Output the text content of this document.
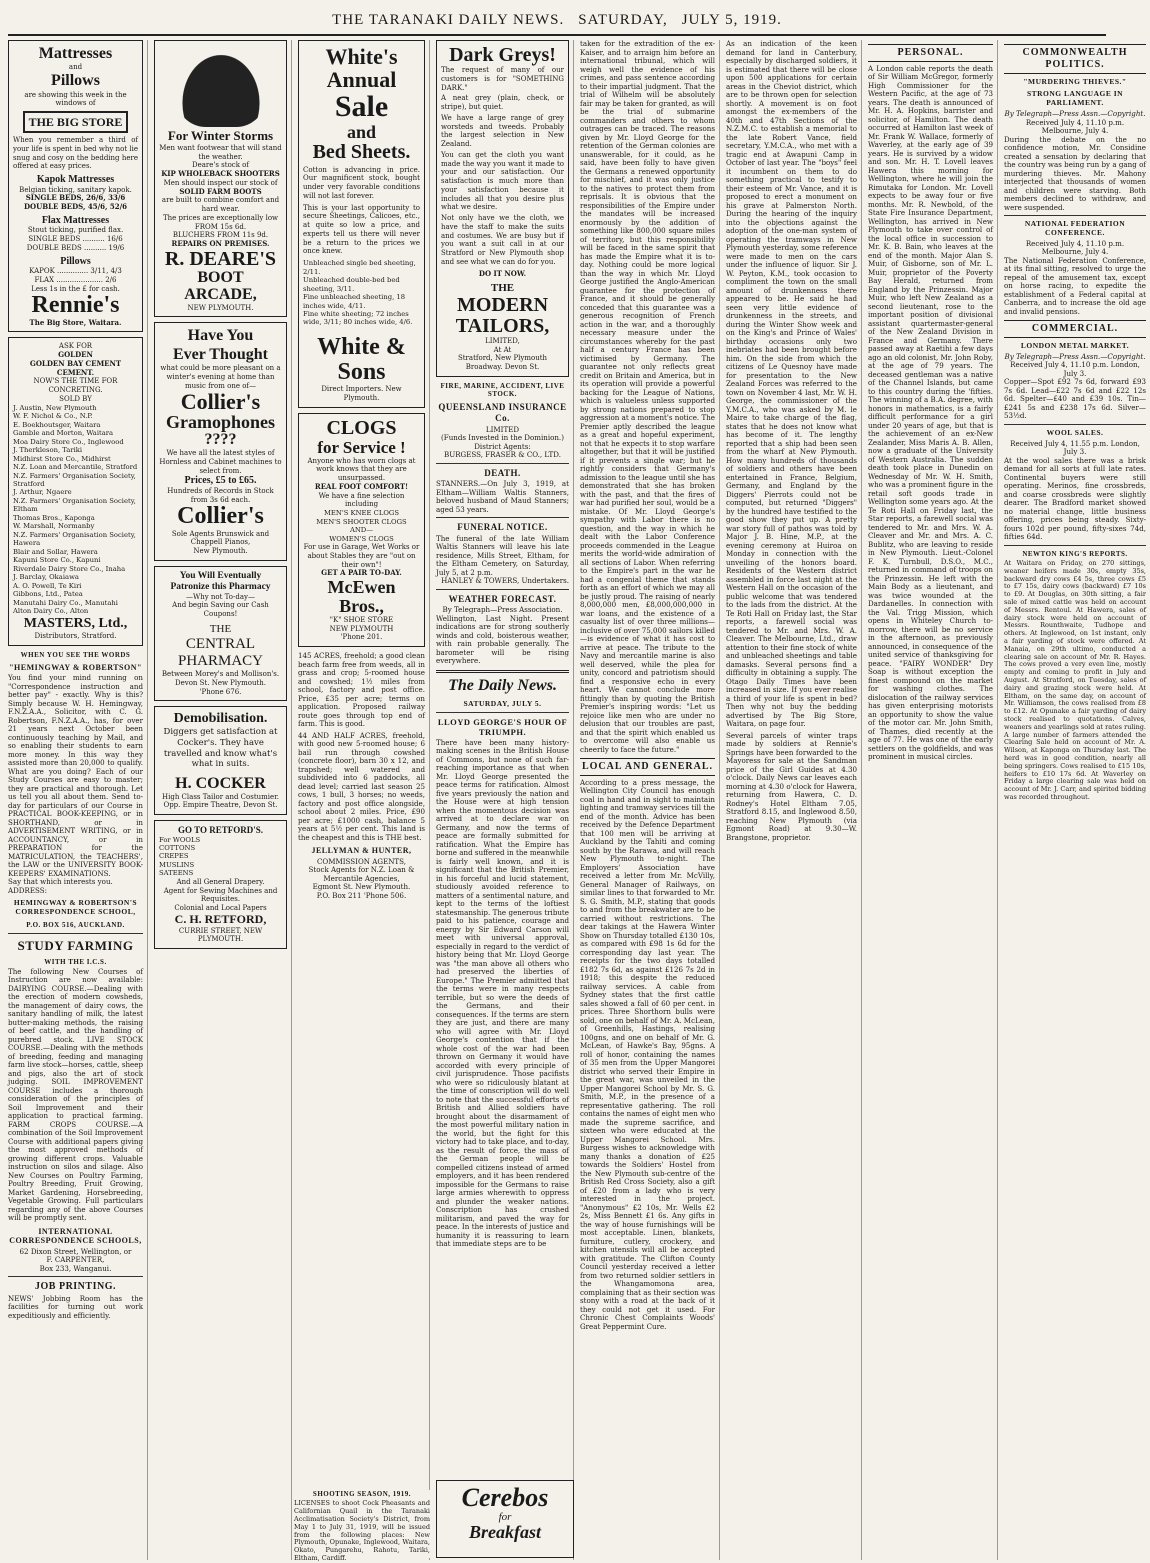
THE TARANAKI DAILY NEWS. SATURDAY, JULY 5, 1919.
Mattresses
and
Pillows
are showing this week in the windows of
THE BIG STORE
When you remember a third of your life is spent in bed why not lie snug and cosy on the bedding here offered at easy prices.
Kapok Mattresses
Belgian ticking, sanitary kapok.
SINGLE BEDS, 26/6, 33/6 DOUBLE BEDS, 45/6, 52/6
Flax Mattresses
Stout ticking, purified flax.
SINGLE BEDS .......... 16/6
DOUBLE BEDS .......... 19/6
Pillows
KAPOK .............. 3/11, 4/3
FLAX ..................... 2/6
Less 1s in the £ for cash.
Rennie's
The Big Store, Waitara.
ASK FOR
GOLDEN
GOLDEN BAY CEMENT
CEMENT.
NOW'S THE TIME FOR CONCRETING.
SOLD BY
J. Austin, New Plymouth
W. F. Nichol & Co., N.P.
E. Boekhoutsger, Waitara
Gamble and Morton, Waitara
Moa Dairy Store Co., Inglewood
J. Therkleson, Tariki
Midhirst Store Co., Midhirst
N.Z. Loan and Mercantile, Stratford
N.Z. Farmers' Organisation Society, Stratford
J. Arthur, Ngaere
N.Z. Farmers' Organisation Society, Eltham
Thomas Bros., Kaponga
W. Marshall, Normanby
N.Z. Farmers' Organisation Society, Hawera
Blair and Sollar, Hawera
Kapuni Store Co., Kapuni
Riverdale Dairy Store Co., Inaha
J. Barclay, Okaiawa
A. O. Powell, Te Kiri
Gibbons, Ltd., Patea
Manutahi Dairy Co., Manutahi
Alton Dairy Co., Alton
MASTERS, Ltd.,
Distributors, Stratford.
WHEN YOU SEE THE WORDS
"HEMINGWAY & ROBERTSON"
You find your mind running on "Correspondence instruction and better pay" - exactly. Why is this? Simply because W. H. Hemingway, F.N.Z.A.A., Solicitor, with C. G. Robertson, F.N.Z.A.A., has, for over 21 years next October been continuously teaching by Mail, and so enabling their students to earn more money. In this way they assisted more than 20,000 to qualify. What are you doing? Each of our Study Courses are easy to master; they are practical and thorough. Let us tell you all about them. Send to-day for particulars of our Course in PRACTICAL BOOK-KEEPING, or in SHORTHAND, or in ADVERTISEMENT WRITING, or in ACCOUNTANCY, or in PREPARATION for the MATRICULATION, the TEACHERS', the LAW or the UNIVERSITY BOOK-KEEPERS' EXAMINATIONS.
Say that which interests you.
ADDRESS:
HEMINGWAY & ROBERTSON'S CORRESPONDENCE SCHOOL,
P.O. BOX 516, AUCKLAND.
STUDY FARMING
WITH THE I.C.S.
The following New Courses of Instruction are now available: DAIRYING COURSE.—Dealing with the erection of modern cowsheds, the management of dairy cows, the sanitary handling of milk, the latest butter-making methods, the raising of beef cattle, and the handling of purebred stock. LIVE STOCK COURSE.—Dealing with the methods of breeding, feeding and managing farm live stock—horses, cattle, sheep and pigs, also the art of stock judging. SOIL IMPROVEMENT COURSE includes a thorough consideration of the principles of Soil Improvement and their application to practical farming. FARM CROPS COURSE.—A combination of the Soil Improvement Course with additional papers giving the most approved methods of growing different crops. Valuable instruction on silos and silage. Also New Courses on Poultry Farming, Poultry Breeding, Fruit Growing, Market Gardening, Horsebreeding, Vegetable Growing. Full particulars regarding any of the above Courses will be promptly sent.
INTERNATIONAL CORRESPONDENCE SCHOOLS,
62 Dixon Street, Wellington, or
F. CARPENTER,
Box 233, Wanganui.
JOB PRINTING.
NEWS' Jobbing Room has the facilities for turning out work expeditiously and efficiently.
For Winter Storms
Men want footwear that will stand the weather.
Deare's stock of
KIP WHOLEBACK SHOOTERS
Men should inspect our stock of
SOLID FARM BOOTS
are built to combine comfort and hard wear.
The prices are exceptionally low
FROM 15s 6d.
BLUCHERS FROM 11s 9d.
REPAIRS ON PREMISES.
R. DEARE'S
BOOT
ARCADE,
NEW PLYMOUTH.
Have You
Ever Thought
what could be more pleasant on a winter's evening at home than music from one of—
Collier's
Gramophones
????
We have all the latest styles of Hornless and Cabinet machines to select from.
Prices, £5 to £65.
Hundreds of Records in Stock from 3s 6d each.
Collier's
Sole Agents Brunswick and Chappell Pianos,
New Plymouth.
You Will Eventually
Patronize this Pharmacy
—Why not To-day—
And begin Saving our Cash Coupons!
THE
CENTRAL
PHARMACY
Between Morey's and Mollison's.
Devon St. New Plymouth.
'Phone 676.
Demobilisation.
Diggers get satisfaction at Cocker's. They have travelled and know what's what in suits.
H. COCKER
High Class Tailor and Costumier.
Opp. Empire Theatre, Devon St.
GO TO RETFORD'S.
For WOOLS
COTTONS
CREPES
MUSLINS
SATEENS
And all General Drapery.
Agent for Sewing Machines and Requisites.
Colonial and Local Papers
C. H. RETFORD,
CURRIE STREET, NEW PLYMOUTH.
White's
Annual
Sale
and
Bed Sheets.
Cotton is advancing in price. Our magnificent stock, bought under very favorable conditions will not last forever.
This is your last opportunity to secure Sheetings, Calicoes, etc., at quite so low a price, and experts tell us there will never be a return to the prices we once knew.
Unbleached single bed sheeting, 2/11.
Unbleached double-bed bed sheeting, 3/11.
Fine unbleached sheeting, 18 inches wide, 4/11.
Fine white sheeting; 72 inches wide, 3/11; 80 inches wide, 4/6.
White & Sons
Direct Importers. New Plymouth.
CLOGS
for Service !
Anyone who has worn clogs at work knows that they are unsurpassed.
REAL FOOT COMFORT!
We have a fine selection including
MEN'S KNEE CLOGS
MEN'S SHOOTER CLOGS
AND—
WOMEN'S CLOGS
For use in Garage, Wet Works or about Stables they are "out on their own"!
GET A PAIR TO-DAY.
McEwen Bros.,
"K" SHOE STORE
NEW PLYMOUTH
'Phone 201.
145 ACRES, freehold; a good clean beach farm free from weeds, all in grass and crop; 5-roomed house and cowshed; 1½ miles from school, factory and post office. Price, £35 per acre; terms on application. Proposed railway route goes through top end of farm. This is good.
44 AND HALF ACRES, freehold, with good new 5-roomed house; 6 bail run through cowshed (concrete floor), barn 30 x 12, and trapshed; well watered and subdivided into 6 paddocks, all dead level; carried last season 25 cows, 1 bull, 3 horses; no weeds, factory and post office alongside, school about 2 miles. Price, £90 per acre; £1000 cash, balance 5 years at 5½ per cent. This land is the cheapest and this is THE best.
JELLYMAN & HUNTER,
COMMISSION AGENTS,
Stock Agents for N.Z. Loan & Mercantile Agencies,
Egmont St. New Plymouth.
P.O. Box 211 'Phone 506.
Dark Greys!
The request of many of our customers is for "SOMETHING DARK."
A neat grey (plain, check, or stripe), but quiet.
We have a large range of grey worsteds and tweeds. Probably the largest selection in New Zealand.
You can get the cloth you want made the way you want it made to your and our satisfaction. Our satisfaction is much more than your satisfaction because it includes all that you desire plus what we desire.
Not only have we the cloth, we have the staff to make the suits and costumes. We are busy but if you want a suit call in at our Stratford or New Plymouth shop and see what we can do for you.
DO IT NOW.
THE
MODERN
TAILORS,
LIMITED,
At At
Stratford, New Plymouth
Broadway. Devon St.
FIRE, MARINE, ACCIDENT, LIVE STOCK.
QUEENSLAND INSURANCE Co.
LIMITED
(Funds Invested in the Dominion.)
District Agents:
BURGESS, FRASER & CO., LTD.
DEATH.
STANNERS.—On July 3, 1919, at Eltham—William Waltis Stanners, beloved husband of Maud Stanners; aged 53 years.
FUNERAL NOTICE.
The funeral of the late William Waltis Stanners will leave his late residence, Mills Street, Eltham, for the Eltham Cemetery, on Saturday, July 5, at 2 p.m.
HANLEY & TOWERS, Undertakers.
WEATHER FORECAST.
By Telegraph—Press Association.
Wellington, Last Night. Present indications are for strong southerly winds and cold, boisterous weather, with rain probable generally. The barometer will be rising everywhere.
The Daily News.
SATURDAY, JULY 5.
LLOYD GEORGE'S HOUR OF TRIUMPH.
There have been many history-making scenes in the British House of Commons, but none of such far-reaching importance as that when Mr. Lloyd George presented the peace terms for ratification. Almost five years previously the nation and the House were at high tension when the momentous decision was arrived at to declare war on Germany, and now the terms of peace are formally submitted for ratification. What the Empire has borne and suffered in the meanwhile is fairly well known, and it is significant that the British Premier, in his forceful and lucid statement, studiously avoided reference to matters of a sentimental nature, and kept to the terms of the loftiest statesmanship. The generous tribute paid to his patience, courage and energy by Sir Edward Carson will meet with universal approval, especially in regard to the verdict of history being that Mr. Lloyd George was "the man above all others who had preserved the liberties of Europe." The Premier admitted that the terms were in many respects terrible, but so were the deeds of the Germans, and their consequences. If the terms are stern they are just, and there are many who will agree with Mr. Lloyd George's contention that if the whole cost of the war had been thrown on Germany it would have accorded with every principle of civil jurisprudence. Those pacifists who were so ridiculously blatant at the time of conscription will do well to note that the successful efforts of British and Allied soldiers have brought about the disarmament of the most powerful military nation in the world, but the fight for this victory had to take place, and to-day, as the result of force, the mass of the German people will be compelled citizens instead of armed employers, and it has been rendered impossible for the Germans to raise large armies wherewith to oppress and plunder the weaker nations. Conscription has crushed militarism, and paved the way for peace. In the interests of justice and humanity it is reassuring to learn that immediate steps are to be
taken for the extradition of the ex-Kaiser, and to arraign him before an international tribunal, which will weigh well the evidence of his crimes, and pass sentence according to their impartial judgment. That the trial of Wilhelm will be absolutely fair may be taken for granted, as will be the trial of submarine commanders and others to whom outrages can be traced. The reasons given by Mr. Lloyd George for the retention of the German colonies are unanswerable, for it could, as he said, have been folly to have given the Germans a renewed opportunity for mischief, and it was only justice to the natives to protect them from reprisals. It is obvious that the responsibilities of the Empire under the mandates will be increased enormously by the addition of something like 800,000 square miles of territory, but this responsibility will be faced in the same spirit that has made the Empire what it is to-day. Nothing could be more logical than the way in which Mr. Lloyd George justified the Anglo-American guarantee for the protection of France, and it should be generally conceded that this guarantee was a generous recognition of French action in the war, and a thoroughly necessary measure under the circumstances whereby for the past half a century France has been victimised by Germany. The guarantee not only reflects great credit on Britain and America, but in its operation will provide a powerful backing for the League of Nations, which is valueless unless supported by strong nations prepared to stop aggression at a moment's notice. The Premier aptly described the league as a great and hopeful experiment, not that he expects it to stop warfare altogether, but that it will be justified if it prevents a single war; but he rightly considers that Germany's admission to the league until she has demonstrated that she has broken with the past, and that the fires of war had purified her soul, would be a mistake. Of Mr. Lloyd George's sympathy with Labor there is no question, and the way in which he dealt with the Labor Conference proceeds commended in the League merits the world-wide admiration of all sections of Labor. When referring to the Empire's part in the war he had a congenial theme that stands forth as an effort of which we may all be justly proud. The raising of nearly 8,000,000 men, £8,000,000,000 in war loans, and the existence of a casualty list of over three millions—inclusive of over 75,000 sailors killed—is evidence of what it has cost to arrive at peace. The tribute to the Navy and mercantile marine is also well deserved, while the plea for unity, concord and patriotism should find a responsive echo in every heart. We cannot conclude more fittingly than by quoting the British Premier's inspiring words: "Let us rejoice like men who are under no delusion that our troubles are past, and that the spirit which enabled us to overcome will also enable us cheerily to face the future."
LOCAL AND GENERAL.
According to a press message, the Wellington City Council has enough coal in hand and in sight to maintain lighting and tramway services till the end of the month. Advice has been received by the Defence Department that 100 men will be arriving at Auckland by the Tahiti and coming south by the Rarawa, and will reach New Plymouth to-night. The Employers' Association have received a letter from Mr. McVilly, General Manager of Railways, on similar lines to that forwarded to Mr. S. G. Smith, M.P., stating that goods to and from the breakwater are to be carried without restrictions. The dear takings at the Hawera Winter Show on Thursday totalled £130 10s, as compared with £98 1s 6d for the corresponding day last year. The receipts for the two days totalled £182 7s 6d, as against £126 7s 2d in 1918; this despite the reduced railway services. A cable from Sydney states that the first cattle sales showed a fall of 60 per cent. in prices. Three Shorthorn bulls were sold, one on behalf of Mr. A. McLean, of Greenhills, Hastings, realising 100gns, and one on behalf of Mr. G. McLean, of Hawke's Bay, 95gns. A roll of honor, containing the names of 35 men from the Upper Mangorei district who served their Empire in the great war, was unveiled in the Upper Mangorei School by Mr. S. G. Smith, M.P., in the presence of a representative gathering. The roll contains the names of eight men who made the supreme sacrifice, and sixteen who were educated at the Upper Mangorei School. Mrs. Burgess wishes to acknowledge with many thanks a donation of £25 towards the Soldiers' Hostel from the New Plymouth sub-centre of the British Red Cross Society, also a gift of £20 from a lady who is very interested in the project. "Anonymous" £2 10s, Mr. Wells £2 2s, Miss Bennett £1 6s. Any gifts in the way of house furnishings will be most acceptable. Linen, blankets, furniture, cutlery, crockery, and kitchen utensils will all be accepted with gratitude. The Clifton County Council yesterday received a letter from two returned soldier settlers in the Whangamomona area, complaining that as their section was stony with a road at the back of it they could not get it used. For Chronic Chest Complaints Woods' Great Peppermint Cure.
As an indication of the keen demand for land in Canterbury, especially by discharged soldiers, it is estimated that there will be close upon 500 applications for certain areas in the Cheviot district, which are to be thrown open for selection shortly. A movement is on foot amongst the ex-members of the 40th and 47th Sections of the N.Z.M.C. to establish a memorial to the late Robert Vance, field secretary, Y.M.C.A., who met with a tragic end at Awapuni Camp in October of last year. The "boys" feel it incumbent on them to do something practical to testify to their esteem of Mr. Vance, and it is proposed to erect a monument on his grave at Palmerston North. During the hearing of the inquiry into the objections against the adoption of the one-man system of operating the tramways in New Plymouth yesterday, some reference were made to men on the cars under the influence of liquor. Sir J. W. Peyton, K.M., took occasion to compliment the town on the small amount of drunkenness there appeared to be. He said he had seen very little evidence of drunkenness in the streets, and during the Winter Show week and on the King's and Prince of Wales' birthday occasions only two inebriates had been brought before him. On the side from which the citizens of Le Quesnoy have made for presentation to the New Zealand Forces was referred to the town on November 4 last, Mr. W. H. George, the commissioner of the Y.M.C.A., who was asked by M. le Maire to take charge of the flag, states that he does not know what has become of it. The lengthy reported that a ship had been seen from the wharf at New Plymouth. How many hundreds of thousands of soldiers and others have been entertained in France, Belgium, Germany, and England by the Diggers' Pierrots could not be computed, but returned "Diggers" by the hundred have testified to the good show they put up. A pretty war story full of pathos was told by Major J. B. Hine, M.P., at the evening ceremony at Huiroa on Monday in connection with the unveiling of the honors board. Residents of the Western district assembled in force last night at the Western Hall on the occasion of the public welcome that was tendered to the lads from the district. At the Te Roti Hall on Friday last, the Star reports, a farewell social was tendered to Mr. and Mrs. W. A. Cleaver. The Melbourne, Ltd., draw attention to their fine stock of white and unbleached sheetings and table damasks. Several persons find a difficulty in obtaining a supply. The Otago Daily Times have been increased in size. If you ever realise a third of your life is spent in bed? Then why not buy the bedding advertised by The Big Store, Waitara, on page four.
Several parcels of winter traps made by soldiers at Rennie's Springs have been forwarded to the Mayoress for sale at the Sandman price of the Girl Guides at 4.30 o'clock. Daily News car leaves each morning at 4.30 o'clock for Hawera, returning from Hawera, C. D. Rodney's Hotel Eltham 7.05, Stratford 8.15, and Inglewood 8.50, reaching New Plymouth (via Egmont Road) at 9.30—W. Brangstone, proprietor.
PERSONAL.
A London cable reports the death of Sir William McGregor, formerly High Commissioner for the Western Pacific, at the age of 73 years. The death is announced of Mr. H. A. Hopkins, barrister and solicitor, of Hamilton. The death occurred at Hamilton last week of Mr. Frank W. Wallace, formerly of Waverley, at the early age of 39 years. He is survived by a widow and son. Mr. H. T. Lovell leaves Hawera this morning for Wellington, where he will join the Rimutaka for London. Mr. Lovell expects to be away four or five months. Mr. R. Newbold, of the State Fire Insurance Department, Wellington, has arrived in New Plymouth to take over control of the local office in succession to Mr. K. B. Bain, who leaves at the end of the month. Major Alan S. Muir, of Gisborne, son of Mr. L. Muir, proprietor of the Poverty Bay Herald, returned from England by the Prinzessin. Major Muir, who left New Zealand as a second lieutenant, rose to the important position of divisional assistant quartermaster-general of the New Zealand Division in France and Germany. There passed away at Raetihi a few days ago an old colonist, Mr. John Roby, at the age of 79 years. The deceased gentleman was a native of the Channel Islands, but came to this country during the 'fifties. The winning of a B.A. degree, with honors in mathematics, is a fairly difficult performance for a girl under 20 years of age, but that is the achievement of an ex-New Zealander, Miss Maris A. B. Allen, now a graduate of the University of Western Australia. The sudden death took place in Dunedin on Wednesday of Mr. W. H. Smith, who was a prominent figure in the retail soft goods trade in Wellington some years ago. At the Te Roti Hall on Friday last, the Star reports, a farewell social was tendered to Mr. and Mrs. W. A. Cleaver and Mr. and Mrs. A. C. Bublitz, who are leaving to reside in New Plymouth. Lieut.-Colonel F. K. Turnbull, D.S.O., M.C., returned in command of troops on the Prinzessin. He left with the Main Body as a lieutenant, and was twice wounded at the Dardanelles. In connection with the Val. Trigg Mission, which opens in Whiteley Church to-morrow, there will be no service in the afternoon, as previously announced, in consequence of the united service of thanksgiving for peace. "FAIRY WONDER" Dry Soap is without exception the finest compound on the market for washing clothes. The dislocation of the railway services has given enterprising motorists an opportunity to show the value of the motor car. Mr. John Smith, of Thames, died recently at the age of 77. He was one of the early settlers on the goldfields, and was prominent in musical circles.
COMMONWEALTH POLITICS.
"MURDERING THIEVES."
STRONG LANGUAGE IN PARLIAMENT.
By Telegraph—Press Assn.—Copyright.
Received July 4, 11.10 p.m. Melbourne, July 4.
During the debate on the no confidence motion, Mr. Considine created a sensation by declaring that the country was being run by a gang of murdering thieves. Mr. Mahony interjected that thousands of women and children were starving. Both members declined to withdraw, and were suspended.
NATIONAL FEDERATION CONFERENCE.
Received July 4, 11.10 p.m. Melbourne, July 4.
The National Federation Conference, at its final sitting, resolved to urge the repeal of the amusement tax, except on horse racing, to expedite the establishment of a Federal capital at Canberra, and to increase the old age and invalid pensions.
COMMERCIAL.
LONDON METAL MARKET.
By Telegraph—Press Assn.—Copyright.
Received July 4, 11.10 p.m. London, July 3.
Copper—Spot £92 7s 6d, forward £93 7s 6d. Lead—£22 7s 6d and £22 12s 6d. Spelter—£40 and £39 10s. Tin—£241 5s and £238 17s 6d. Silver—53½d.
WOOL SALES.
Received July 4, 11.55 p.m. London, July 3.
At the wool sales there was a brisk demand for all sorts at full late rates. Continental buyers were still operating. Merinos, fine crossbreds, and coarse crossbreds were slightly dearer. The Bradford market showed no material change, little business offering, prices being steady. Sixty-fours 102d per pound, fifty-sixes 74d, fifties 64d.
NEWTON KING'S REPORTS.
At Waitara on Friday, on 270 sittings, weaner heifers made 30s, empty 35s, backward dry cows £4 5s, three cows £5 to £7 15s, dairy cows (backward) £7 10s to £9. At Douglas, on 30th sitting, a fair sale of mixed cattle was held on account of Messrs. Rentoul. At Hawera, sales of dairy stock were held on account of Messrs. Rounthwaite, Tudhope and others. At Inglewood, on 1st instant, only a fair yarding of stock were offered. At Manaia, on 29th ultimo, conducted a clearing sale on account of Mr. R. Hayes. The cows proved a very even line, mostly empty and coming to profit in July and August. At Stratford, on Tuesday, sales of dairy and grazing stock were held. At Eltham, on the same day, on account of Mr. Williamson, the cows realised from £8 to £12. At Opunake a fair yarding of dairy stock realised to quotations. Calves, weaners and yearlings sold at rates ruling. A large number of farmers attended the Clearing Sale held on account of Mr. A. Wilson, at Kaponga on Thursday last. The herd was in good condition, nearly all being springers. Cows realised to £15 10s, heifers to £10 17s 6d. At Waverley on Friday a large clearing sale was held on account of Mr. J. Carr, and spirited bidding was recorded throughout.
Cerebos
for
Breakfast
SHOOTING SEASON, 1919.
LICENSES to shoot Cock Pheasants and Californian Quail in the Taranaki Acclimatisation Society's District, from May 1 to July 31, 1919, will be issued from the following places: New Plymouth, Opunake, Inglewood, Waitara, Okato, Pungarehu, Rahotu, Tariki, Eltham, Cardiff.
